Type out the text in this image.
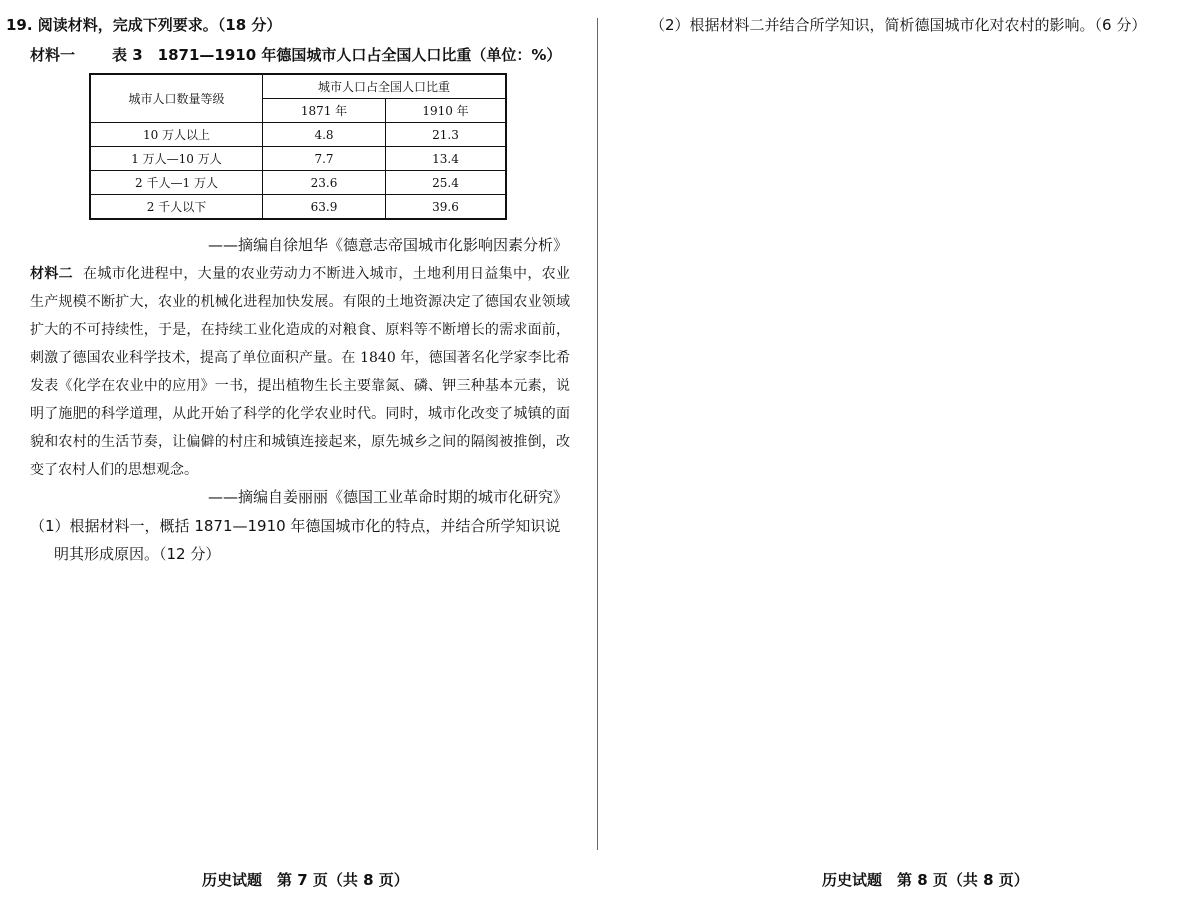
19. 阅读材料，完成下列要求。（18 分）
材料一 表 3　1871—1910 年德国城市人口占全国人口比重（单位：%）
城市人口数量等级	城市人口占全国人口比重	
	1871 年	1910 年
10 万人以上	4.8	21.3
1 万人—10 万人	7.7	13.4
2 千人—1 万人	23.6	25.4
2 千人以下	63.9	39.6
——摘编自徐旭华《德意志帝国城市化影响因素分析》
材料二 在城市化进程中，大量的农业劳动力不断进入城市，土地利用日益集中，农业生产规模不断扩大，农业的机械化进程加快发展。有限的土地资源决定了德国农业领域扩大的不可持续性，于是，在持续工业化造成的对粮食、原料等不断增长的需求面前，刺激了德国农业科学技术，提高了单位面积产量。在 1840 年，德国著名化学家李比希发表《化学在农业中的应用》一书，提出植物生长主要靠氮、磷、钾三种基本元素，说明了施肥的科学道理，从此开始了科学的化学农业时代。同时，城市化改变了城镇的面貌和农村的生活节奏，让偏僻的村庄和城镇连接起来，原先城乡之间的隔阂被推倒，改变了农村人们的思想观念。
——摘编自姜丽丽《德国工业革命时期的城市化研究》
（1）根据材料一，概括 1871—1910 年德国城市化的特点，并结合所学知识说明其形成原因。（12 分）
历史试题　第 7 页（共 8 页）
（2）根据材料二并结合所学知识，简析德国城市化对农村的影响。（6 分）
历史试题　第 8 页（共 8 页）
